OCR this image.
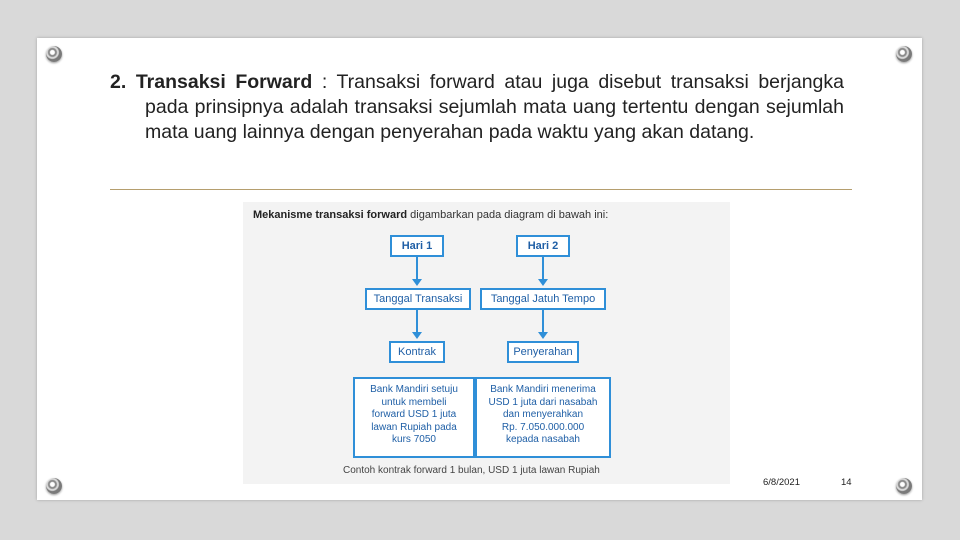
2. Transaksi Forward : Transaksi forward atau juga disebut transaksi berjangka pada prinsipnya adalah transaksi sejumlah mata uang tertentu dengan sejumlah mata uang lainnya dengan penyerahan pada waktu yang akan datang.

Mekanisme transaksi forward digambarkan pada diagram di bawah ini:
Hari 1
Tanggal Transaksi
Kontrak
Bank Mandiri setuju
untuk membeli
forward USD 1 juta
lawan Rupiah pada
kurs 7050
Hari 2
Tanggal Jatuh Tempo
Penyerahan
Bank Mandiri menerima
USD 1 juta dari nasabah
dan menyerahkan
Rp. 7.050.000.000
kepada nasabah
Contoh kontrak forward 1 bulan, USD 1 juta lawan Rupiah
6/8/2021	14
